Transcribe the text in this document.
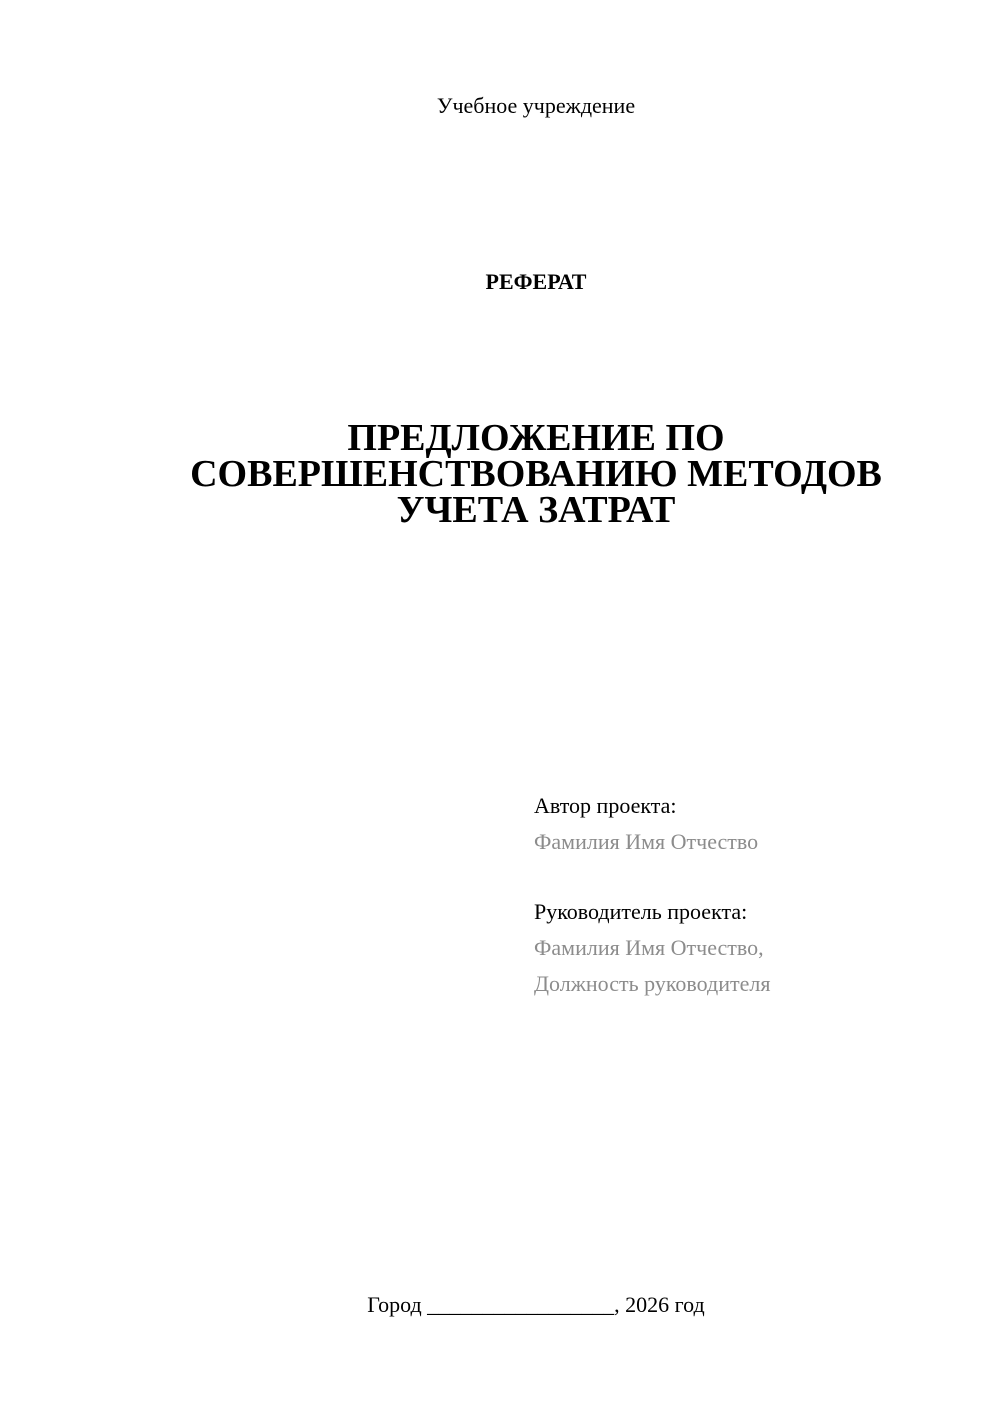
Учебное учреждение
РЕФЕРАТ
ПРЕДЛОЖЕНИЕ ПО
СОВЕРШЕНСТВОВАНИЮ МЕТОДОВ
УЧЕТА ЗАТРАТ
Автор проекта:
Фамилия Имя Отчество
Руководитель проекта:
Фамилия Имя Отчество,
Должность руководителя
Город _________________, 2026 год
